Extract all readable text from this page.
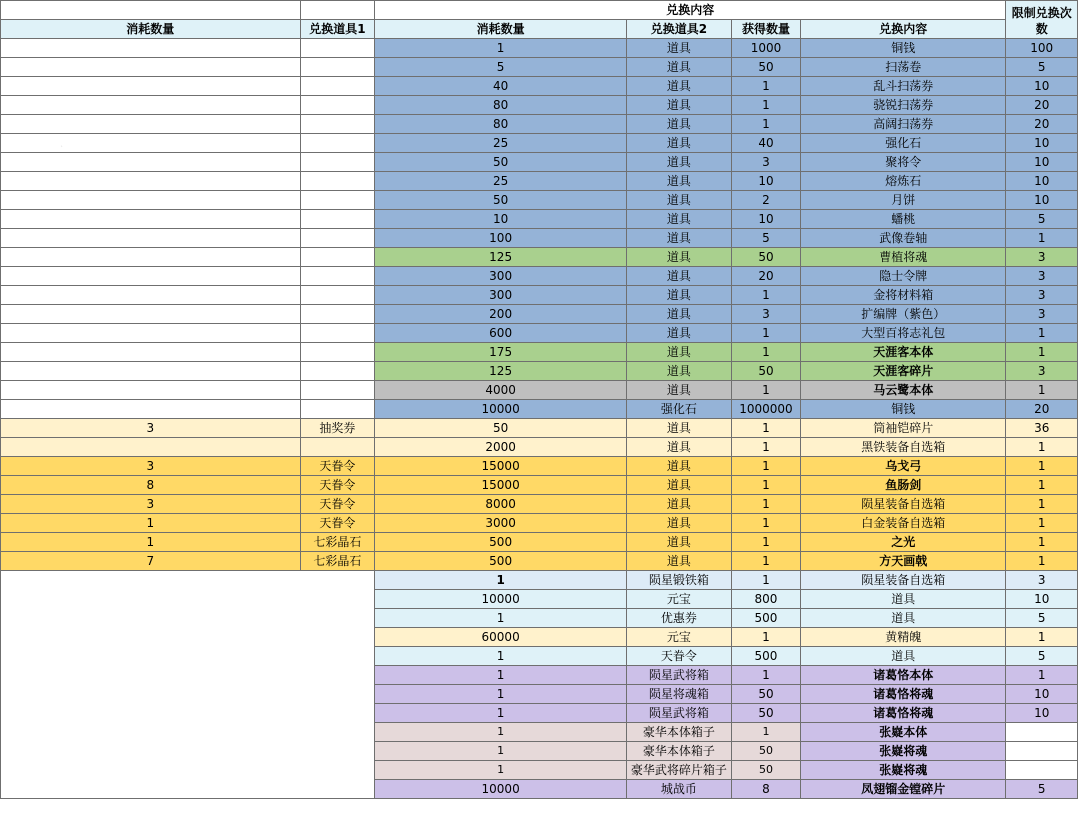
		兑换内容				限制兑换次数
消耗数量	兑换道具1	消耗数量	兑换道具2	获得数量	兑换内容	
		1	道具	1000	铜钱	100
		5	道具	50	扫荡卷	5
		40	道具	1	乱斗扫荡券	10
		80	道具	1	骁锐扫荡券	20
		80	道具	1	高阔扫荡券	20
		25	道具	40	强化石	10
		50	道具	3	聚将令	10
		25	道具	10	熔炼石	10
		50	道具	2	月饼	10
		10	道具	10	蟠桃	5
		100	道具	5	武像卷轴	1
		125	道具	50	曹植将魂	3
		300	道具	20	隐士令牌	3
		300	道具	1	金将材料箱	3
		200	道具	3	扩编牌（紫色）	3
		600	道具	1	大型百将志礼包	1
		175	道具	1	天涯客本体	1
		125	道具	50	天涯客碎片	3
		4000	道具	1	马云鹭本体	1
		10000	强化石	1000000	铜钱	20
3	抽奖券	50	道具	1	筒袖铠碎片	36
		2000	道具	1	黑铁装备自选箱	1
3	天眷令	15000	道具	1	乌戈弓	1
8	天眷令	15000	道具	1	鱼肠剑	1
3	天眷令	8000	道具	1	陨星装备自选箱	1
1	天眷令	3000	道具	1	白金装备自选箱	1
1	七彩晶石	500	道具	1	之光	1
7	七彩晶石	500	道具	1	方天画戟	1
		1	陨星锻铁箱	1	陨星装备自选箱	3
		10000	元宝	800	道具	10
		1	优惠券	500	道具	5
		60000	元宝	1	黄精魄	1
		1	天眷令	500	道具	5
		1	陨星武将箱	1	诸葛恪本体	1
		1	陨星将魂箱	50	诸葛恪将魂	10
		1	陨星武将箱	50	诸葛恪将魂	10
		1	豪华本体箱子	1	张嶷本体	
		1	豪华本体箱子	50	张嶷将魂	
		1	豪华武将碎片箱子	50	张嶷将魂	
		10000	城战币	8	凤翅镏金镗碎片	5
·
